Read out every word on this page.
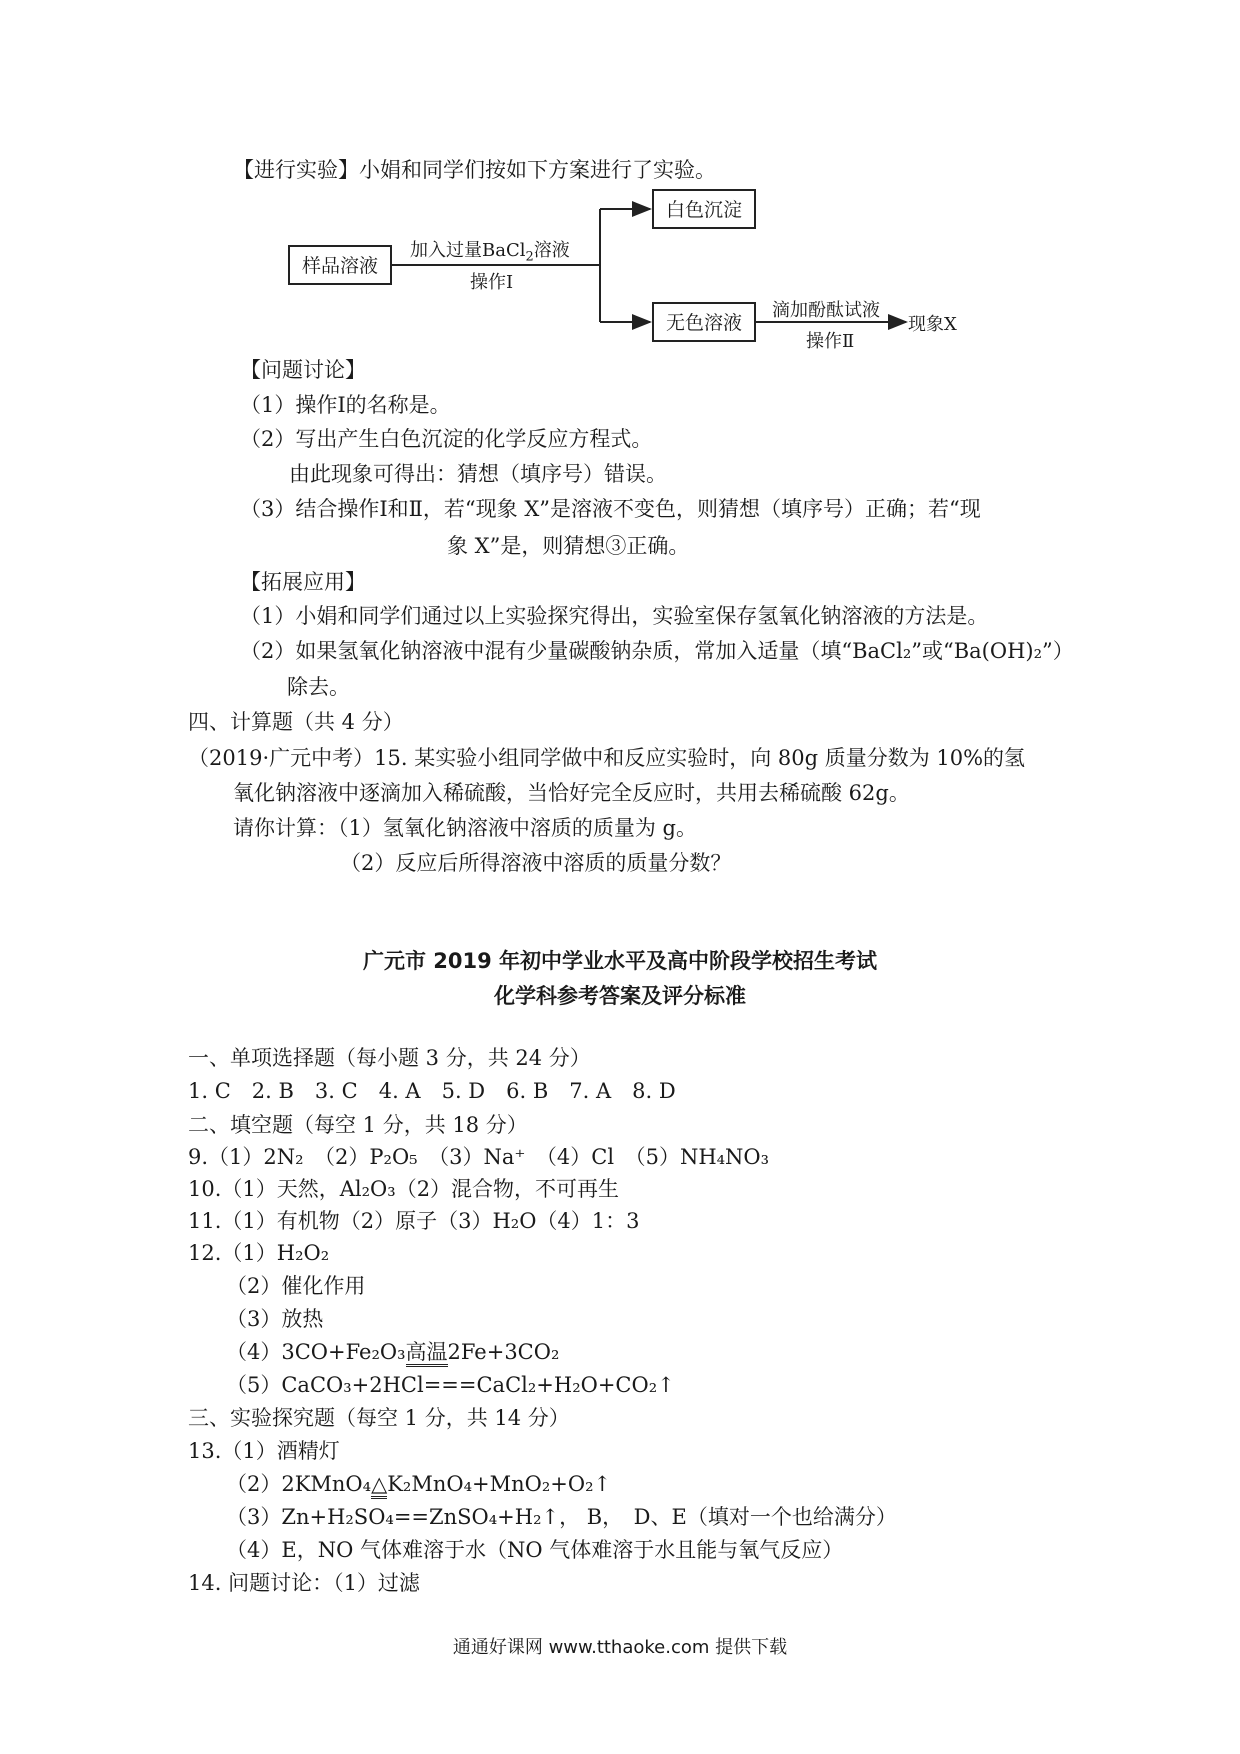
【进行实验】小娟和同学们按如下方案进行了实验。
样品溶液
白色沉淀
无色溶液
加入过量BaCl$_2$溶液
操作Ⅰ
滴加酚酞试液
操作Ⅱ
现象X
【问题讨论】
（1）操作Ⅰ的名称是。
（2）写出产生白色沉淀的化学反应方程式。
由此现象可得出：猜想（填序号）错误。
（3）结合操作Ⅰ和Ⅱ，若“现象 X”是溶液不变色，则猜想（填序号）正确；若“现
象 X”是，则猜想③正确。
【拓展应用】
（1）小娟和同学们通过以上实验探究得出，实验室保存氢氧化钠溶液的方法是。
（2）如果氢氧化钠溶液中混有少量碳酸钠杂质，常加入适量（填“BaCl₂”或“Ba(OH)₂”）
除去。
四、计算题（共 4 分）
（2019·广元中考）15. 某实验小组同学做中和反应实验时，向 80g 质量分数为 10%的氢
氧化钠溶液中逐滴加入稀硫酸，当恰好完全反应时，共用去稀硫酸 62g。
请你计算：（1）氢氧化钠溶液中溶质的质量为 g。
（2）反应后所得溶液中溶质的质量分数？
广元市 2019 年初中学业水平及高中阶段学校招生考试
化学科参考答案及评分标准
一、单项选择题（每小题 3 分，共 24 分）
1. C　2. B　3. C　4. A　5. D　6. B　7. A　8. D
二、填空题（每空 1 分，共 18 分）
9.（1）2N₂　（2）P₂O₅　（3）Na⁺　（4）Cl　（5）NH₄NO₃
10.（1）天然，Al₂O₃（2）混合物，不可再生
11.（1）有机物（2）原子（3）H₂O（4）1：3
12.（1）H₂O₂
（2）催化作用
（3）放热
（4）3CO+Fe₂O₃高温2Fe+3CO₂
（5）CaCO₃+2HCl===CaCl₂+H₂O+CO₂↑
三、实验探究题（每空 1 分，共 14 分）
13.（1）酒精灯
（2）2KMnO₄△K₂MnO₄+MnO₂+O₂↑
（3）Zn+H₂SO₄==ZnSO₄+H₂↑， B，　D、E（填对一个也给满分）
（4）E，NO 气体难溶于水（NO 气体难溶于水且能与氧气反应）
14. 问题讨论：（1）过滤
通通好课网 www.tthaoke.com 提供下载
